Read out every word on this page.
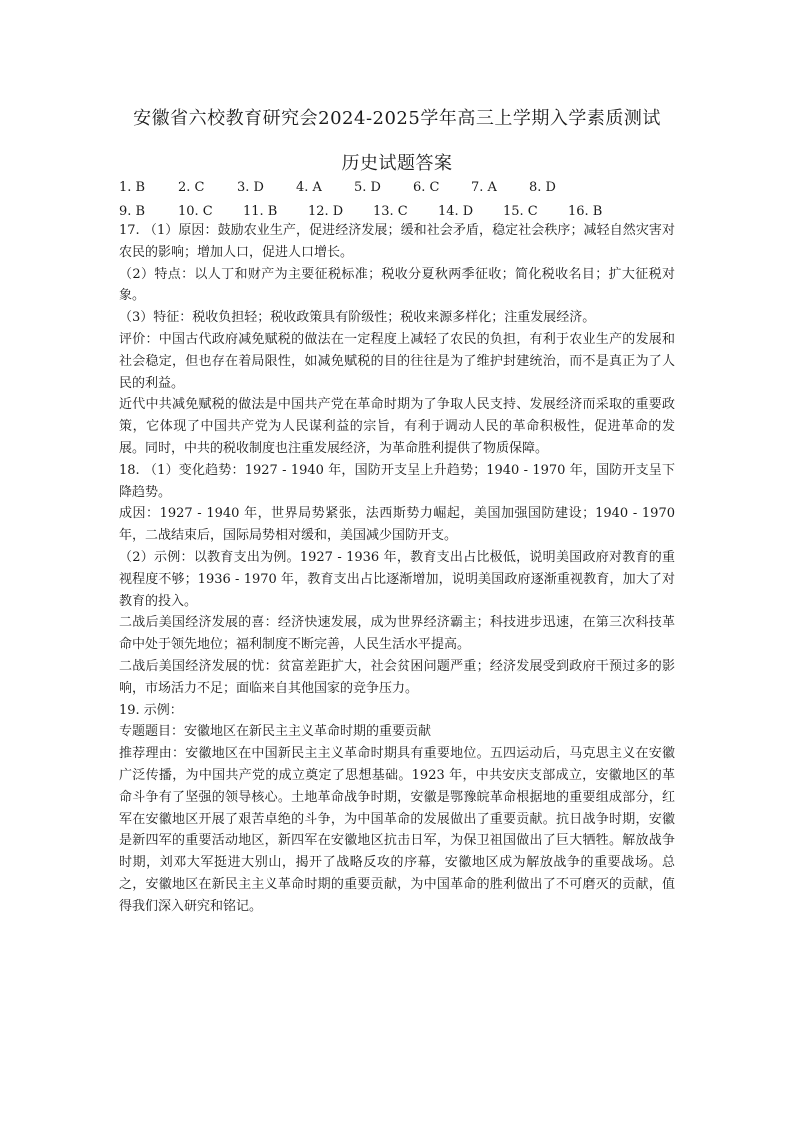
安徽省六校教育研究会2024-2025学年高三上学期入学素质测试
历史试题答案
1. B	2. C	3. D 4. A 5. D 6. C 7. A 8. D
9. B	10. C 11. B 12. D 13. C 14. D 15. C 16. B

17. （1）原因：鼓励农业生产，促进经济发展；缓和社会矛盾，稳定社会秩序；减轻自然灾害对农民的影响；增加人口，促进人口增长。

（2）特点：以人丁和财产为主要征税标准；税收分夏秋两季征收；简化税收名目；扩大征税对象。

（3）特征：税收负担轻；税收政策具有阶级性；税收来源多样化；注重发展经济。

评价：中国古代政府减免赋税的做法在一定程度上减轻了农民的负担，有利于农业生产的发展和社会稳定，但也存在着局限性，如减免赋税的目的往往是为了维护封建统治，而不是真正为了人民的利益。

近代中共减免赋税的做法是中国共产党在革命时期为了争取人民支持、发展经济而采取的重要政策，它体现了中国共产党为人民谋利益的宗旨，有利于调动人民的革命积极性，促进革命的发展。同时，中共的税收制度也注重发展经济，为革命胜利提供了物质保障。

18. （1）变化趋势：1927 - 1940 年，国防开支呈上升趋势；1940 - 1970 年，国防开支呈下降趋势。

成因：1927 - 1940 年，世界局势紧张，法西斯势力崛起，美国加强国防建设；1940 - 1970 年，二战结束后，国际局势相对缓和，美国减少国防开支。

（2）示例：以教育支出为例。1927 - 1936 年，教育支出占比极低，说明美国政府对教育的重视程度不够；1936 - 1970 年，教育支出占比逐渐增加，说明美国政府逐渐重视教育，加大了对教育的投入。

二战后美国经济发展的喜：经济快速发展，成为世界经济霸主；科技进步迅速，在第三次科技革命中处于领先地位；福利制度不断完善，人民生活水平提高。

二战后美国经济发展的忧：贫富差距扩大，社会贫困问题严重；经济发展受到政府干预过多的影响，市场活力不足；面临来自其他国家的竞争压力。

19. 示例：

专题题目：安徽地区在新民主主义革命时期的重要贡献

推荐理由：安徽地区在中国新民主主义革命时期具有重要地位。五四运动后，马克思主义在安徽广泛传播，为中国共产党的成立奠定了思想基础。1923 年，中共安庆支部成立，安徽地区的革命斗争有了坚强的领导核心。土地革命战争时期，安徽是鄂豫皖革命根据地的重要组成部分，红军在安徽地区开展了艰苦卓绝的斗争，为中国革命的发展做出了重要贡献。抗日战争时期，安徽是新四军的重要活动地区，新四军在安徽地区抗击日军，为保卫祖国做出了巨大牺牲。解放战争时期，刘邓大军挺进大别山，揭开了战略反攻的序幕，安徽地区成为解放战争的重要战场。总之，安徽地区在新民主主义革命时期的重要贡献，为中国革命的胜利做出了不可磨灭的贡献，值得我们深入研究和铭记。
